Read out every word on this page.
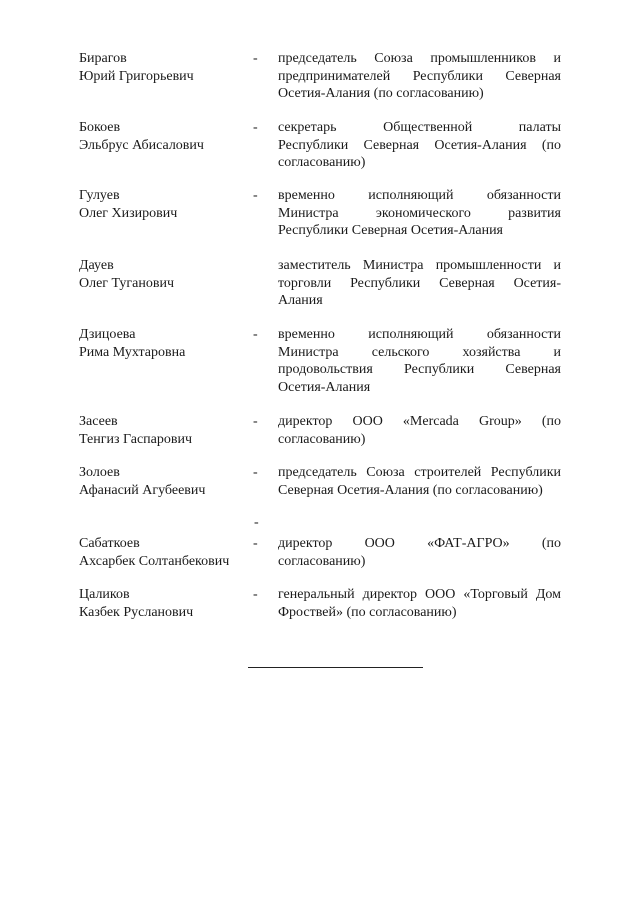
Бирагов
Юрий Григорьевич
-	председатель Союза промышленников и
предпринимателей Республики Северная
Осетия-Алания (по согласованию)
Бокоев
Эльбрус Абисалович
-	секретарь Общественной палаты
Республики Северная Осетия-Алания (по
согласованию)
Гулуев
Олег Хизирович
-	временно исполняющий обязанности
Министра экономического развития
Республики Северная Осетия-Алания
Дауев
Олег Туганович
заместитель Министра промышленности и
торговли Республики Северная Осетия-
Алания
Дзицоева
Рима Мухтаровна
-	временно исполняющий обязанности
Министра сельского хозяйства и
продовольствия Республики Северная
Осетия-Алания
Засеев
Тенгиз Гаспарович
-	директор ООО «Mercada Group» (по
согласованию)
Золоев
Афанасий Агубеевич
-	председатель Союза строителей Республики
Северная Осетия-Алания (по согласованию)
-
Сабаткоев
Ахсарбек Солтанбекович
-	директор ООО «ФАТ-АГРО» (по
согласованию)
Цаликов
Казбек Русланович
-	генеральный директор ООО «Торговый Дом
Фроствей» (по согласованию)
